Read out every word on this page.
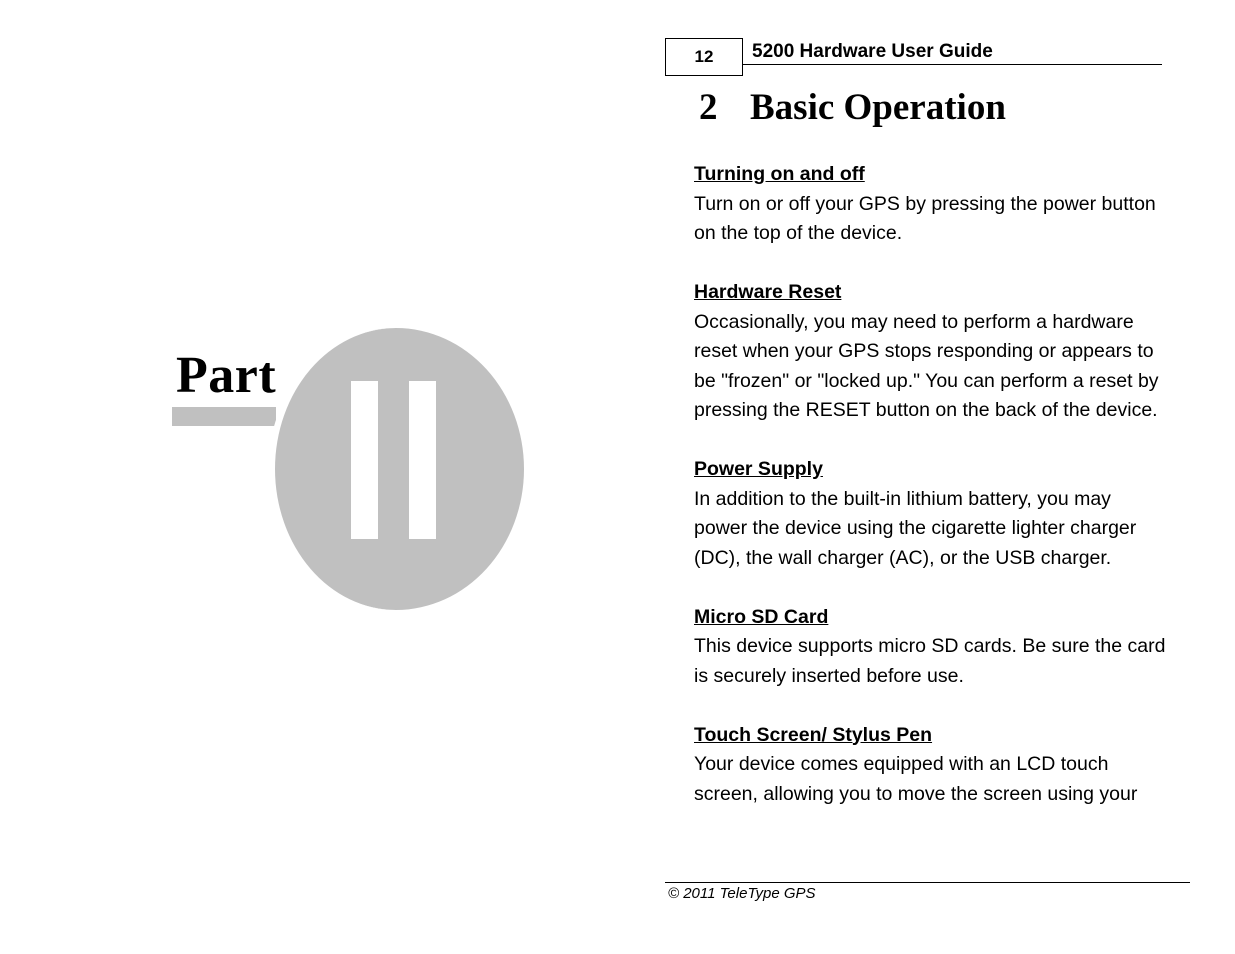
Part
12	5200 Hardware User Guide
2 Basic Operation
Turning on and off

Turn on or off your GPS by pressing the power button on the top of the device.

Hardware Reset

Occasionally, you may need to perform a hardware reset when your GPS stops responding or appears to be "frozen" or "locked up." You can perform a reset by pressing the RESET button on the back of the device.

Power Supply

In addition to the built-in lithium battery, you may power the device using the cigarette lighter charger (DC), the wall charger (AC), or the USB charger.

Micro SD Card

This device supports micro SD cards. Be sure the card is securely inserted before use.

Touch Screen/ Stylus Pen

Your device comes equipped with an LCD touch screen, allowing you to move the screen using your

© 2011 TeleType GPS
